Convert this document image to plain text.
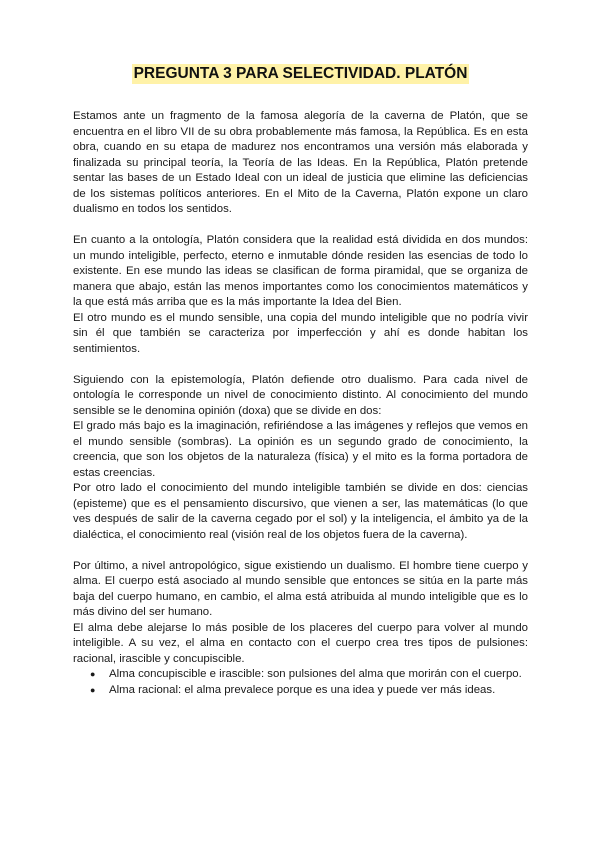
PREGUNTA 3 PARA SELECTIVIDAD. PLATÓN

Estamos ante un fragmento de la famosa alegoría de la caverna de Platón, que se encuentra en el libro VII de su obra probablemente más famosa, la República. Es en esta obra, cuando en su etapa de madurez nos encontramos una versión más elaborada y finalizada su principal teoría, la Teoría de las Ideas. En la República, Platón pretende sentar las bases de un Estado Ideal con un ideal de justicia que elimine las deficiencias de los sistemas políticos anteriores. En el Mito de la Caverna, Platón expone un claro dualismo en todos los sentidos.

En cuanto a la ontología, Platón considera que la realidad está dividida en dos mundos: un mundo inteligible, perfecto, eterno e inmutable dónde residen las esencias de todo lo existente. En ese mundo las ideas se clasifican de forma piramidal, que se organiza de manera que abajo, están las menos importantes como los conocimientos matemáticos y la que está más arriba que es la más importante la Idea del Bien.

El otro mundo es el mundo sensible, una copia del mundo inteligible que no podría vivir sin él que también se caracteriza por imperfección y ahí es donde habitan los sentimientos.

Siguiendo con la epistemología, Platón defiende otro dualismo. Para cada nivel de ontología le corresponde un nivel de conocimiento distinto. Al conocimiento del mundo sensible se le denomina opinión (doxa) que se divide en dos:

El grado más bajo es la imaginación, refiriéndose a las imágenes y reflejos que vemos en el mundo sensible (sombras). La opinión es un segundo grado de conocimiento, la creencia, que son los objetos de la naturaleza (física) y el mito es la forma portadora de estas creencias.

Por otro lado el conocimiento del mundo inteligible también se divide en dos: ciencias (episteme) que es el pensamiento discursivo, que vienen a ser, las matemáticas (lo que ves después de salir de la caverna cegado por el sol) y la inteligencia, el ámbito ya de la dialéctica, el conocimiento real (visión real de los objetos fuera de la caverna).

Por último, a nivel antropológico, sigue existiendo un dualismo. El hombre tiene cuerpo y alma. El cuerpo está asociado al mundo sensible que entonces se sitúa en la parte más baja del cuerpo humano, en cambio, el alma está atribuida al mundo inteligible que es lo más divino del ser humano.

El alma debe alejarse lo más posible de los placeres del cuerpo para volver al mundo inteligible. A su vez, el alma en contacto con el cuerpo crea tres tipos de pulsiones: racional, irascible y concupiscible.

● Alma concupiscible e irascible: son pulsiones del alma que morirán con el cuerpo.
● Alma racional: el alma prevalece porque es una idea y puede ver más ideas.
